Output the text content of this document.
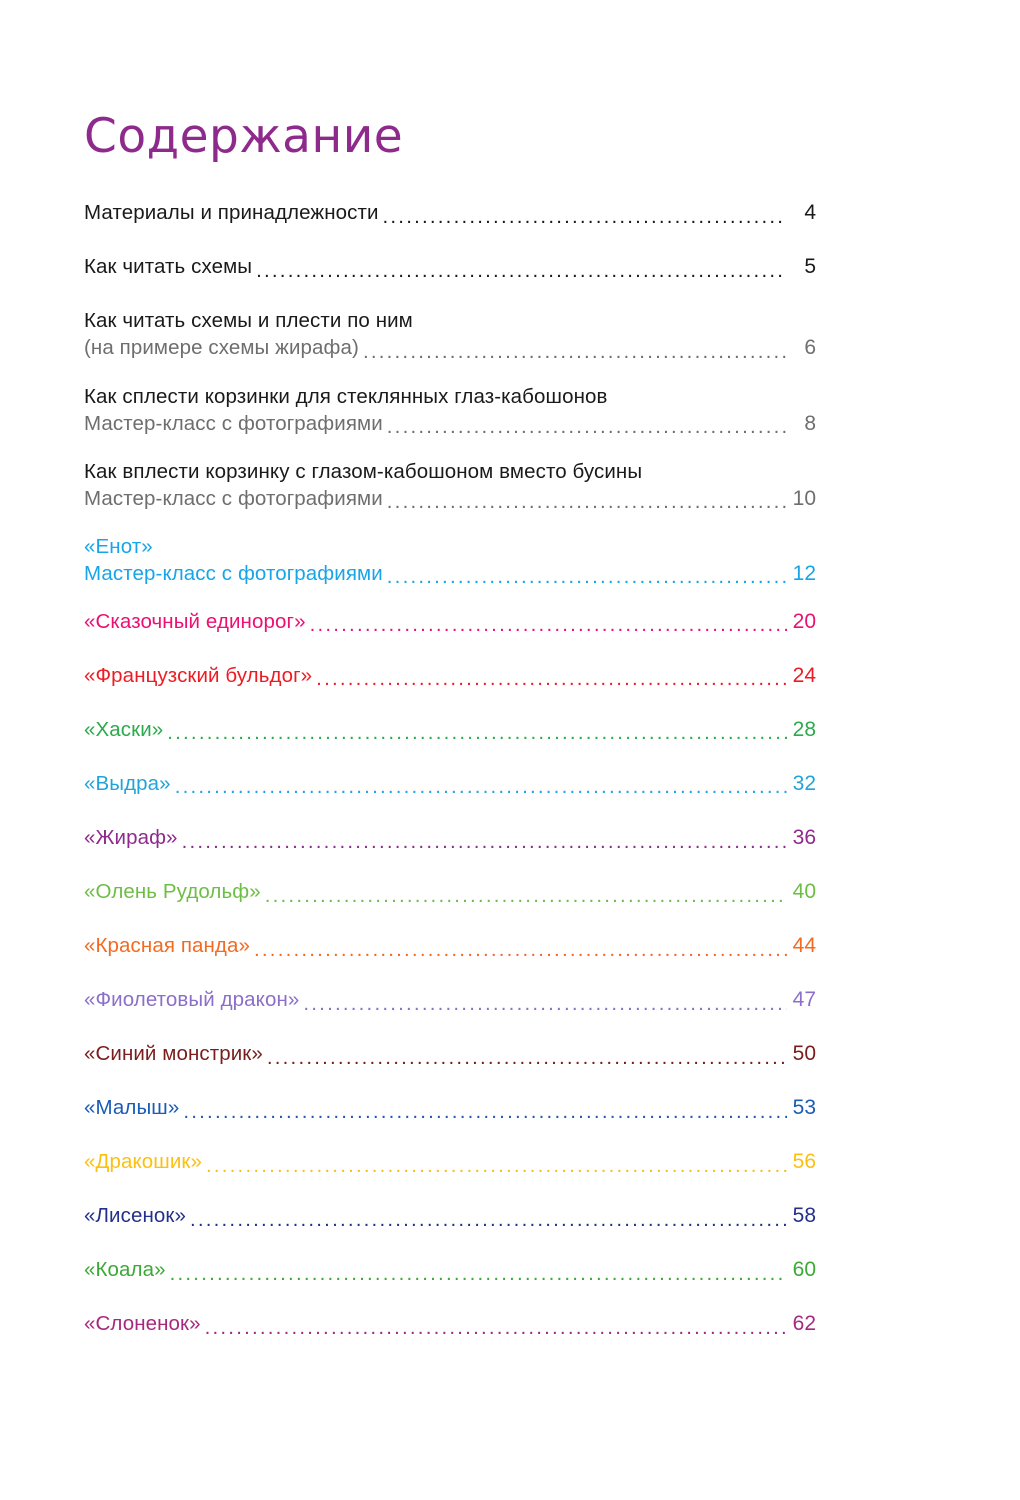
Содержание
Материалы и принадлежности .....	4
Как читать схемы .....	5
Как читать схемы и плести по ним
(на примере схемы жирафа) .....	6
Как сплести корзинки для стеклянных глаз-кабошонов
Мастер-класс с фотографиями .....	8
Как вплести корзинку с глазом-кабошоном вместо бусины
Мастер-класс с фотографиями .....	10
«Енот»
Мастер-класс с фотографиями .....	12
«Сказочный единорог» .....	20
«Французский бульдог» .....	24
«Хаски» .....	28
«Выдра» .....	32
«Жираф» .....	36
«Олень Рудольф» .....	40
«Красная панда» .....	44
«Фиолетовый дракон» .....	47
«Синий монстрик» .....	50
«Малыш» .....	53
«Дракошик» .....	56
«Лисенок» .....	58
«Коала» .....	60
«Слоненок» .....	62
